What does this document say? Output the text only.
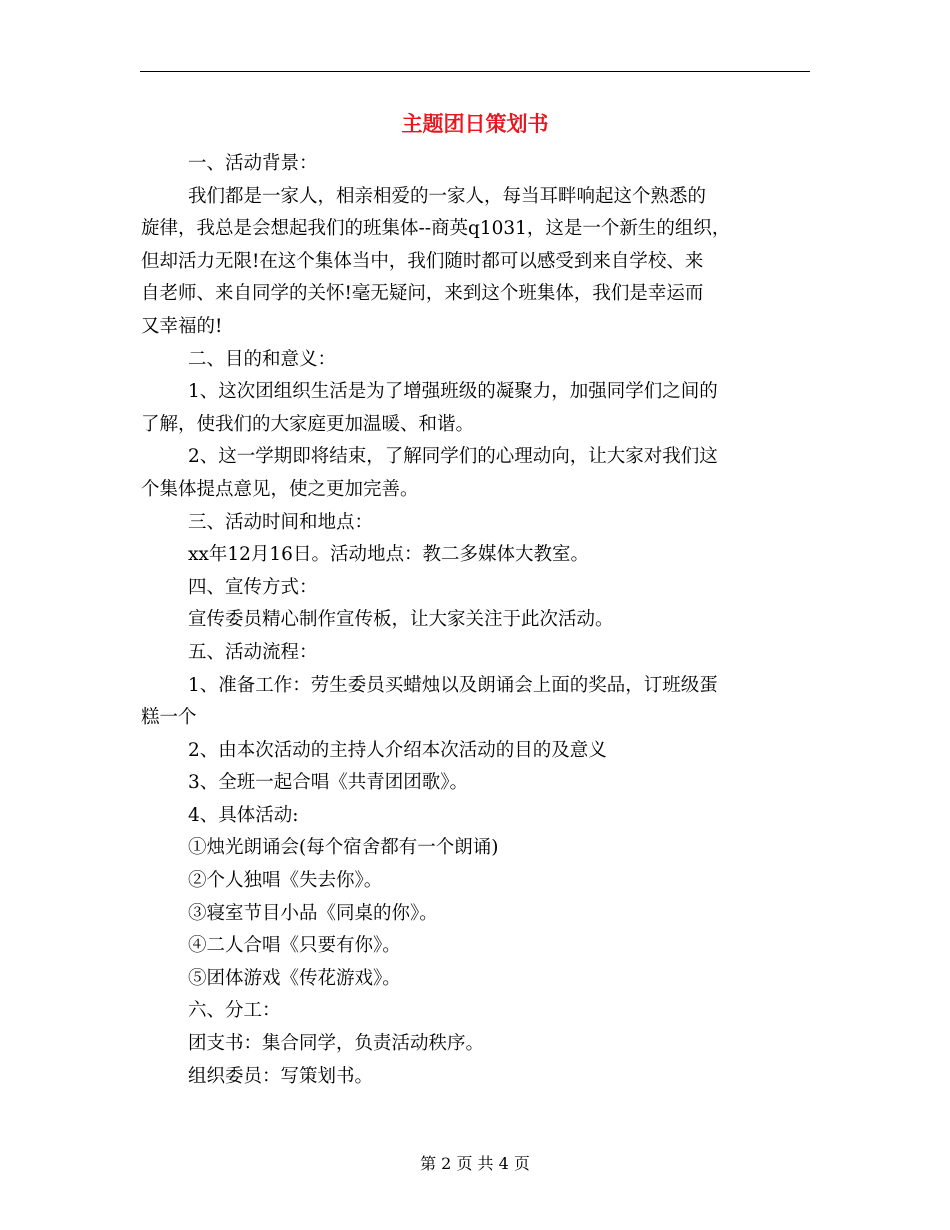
主题团日策划书

一、活动背景：

我们都是一家人，相亲相爱的一家人，每当耳畔响起这个熟悉的

旋律，我总是会想起我们的班集体--商英q1031，这是一个新生的组织，

但却活力无限!在这个集体当中，我们随时都可以感受到来自学校、来

自老师、来自同学的关怀!毫无疑问，来到这个班集体，我们是幸运而

又幸福的!

二、目的和意义：

1、这次团组织生活是为了增强班级的凝聚力，加强同学们之间的

了解，使我们的大家庭更加温暖、和谐。

2、这一学期即将结束，了解同学们的心理动向，让大家对我们这

个集体提点意见，使之更加完善。

三、活动时间和地点：

xx年12月16日。活动地点：教二多媒体大教室。

四、宣传方式：

宣传委员精心制作宣传板，让大家关注于此次活动。

五、活动流程：

1、准备工作：劳生委员买蜡烛以及朗诵会上面的奖品，订班级蛋

糕一个

2、由本次活动的主持人介绍本次活动的目的及意义

3、全班一起合唱《共青团团歌》。

4、具体活动:

①烛光朗诵会(每个宿舍都有一个朗诵)

②个人独唱《失去你》。

③寝室节目小品《同桌的你》。

④二人合唱《只要有你》。

⑤团体游戏《传花游戏》。

六、分工：

团支书：集合同学，负责活动秩序。

组织委员：写策划书。

第 2 页 共 4 页
